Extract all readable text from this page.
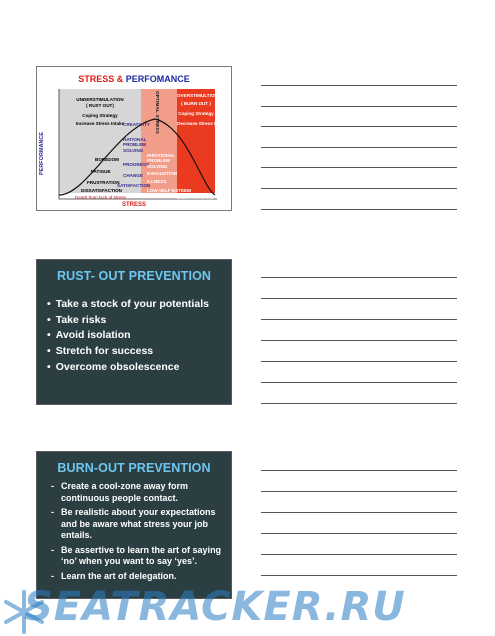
STRESS & PERFOMANCE
PERFORMANCE
UNDERSTIMULATION
( RUST OUT)
Coping Strategy
Increase Stress Intake	OPTIMAL STRESS	OVERSTIMULTION
( BURN OUT )
Coping Strategy
Decrease Stress Intake
BOREDOM
FATIGUE
FRUSTRATION
DISSATISFACTION
CREATIVITY
RATIONAL PROBLEM SOLVING
PROGRESS
CHANGE
SATISFACTION
IRRATIONAL PROBLEM SOLVING
EXHAUSTION
ILLNESS
LOW SELF ESTEEM
Death from lack of stress	Death from stress
STRESS
RUST- OUT PREVENTION
• Take a stock of your potentials
• Take risks
• Avoid isolation
• Stretch for success
• Overcome obsolescence
BURN-OUT PREVENTION
- Create a cool-zone away form continuous people contact.
- Be realistic about your expectations and be aware what stress your job entails.
- Be assertive to learn the art of saying ‘no’ when you want to say ‘yes’.
- Learn the art of delegation.
SEATRACKER.RU
